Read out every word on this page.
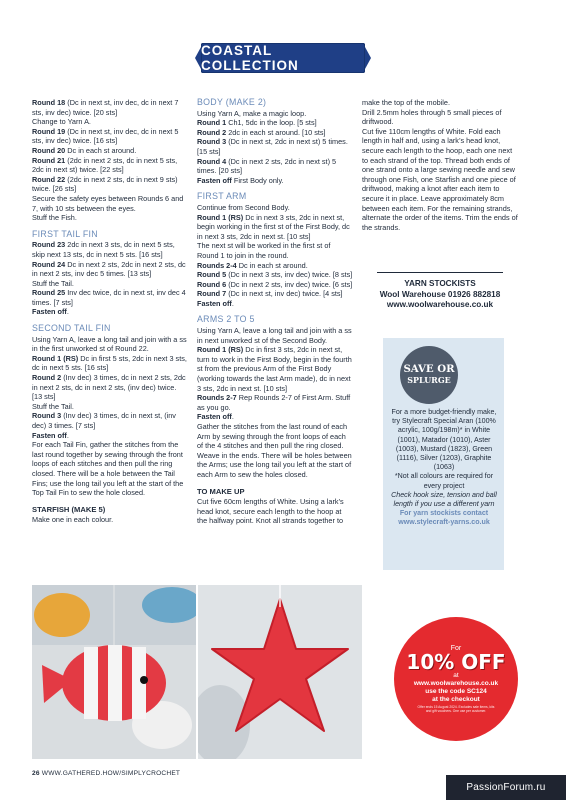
COASTAL COLLECTION

Round 18 (Dc in next st, inv dec, dc in next 7 sts, inv dec) twice. [20 sts]

Change to Yarn A.

Round 19 (Dc in next st, inv dec, dc in next 5 sts, inv dec) twice. [16 sts]

Round 20 Dc in each st around.

Round 21 (2dc in next 2 sts, dc in next 5 sts, 2dc in next st) twice. [22 sts]

Round 22 (2dc in next 2 sts, dc in next 9 sts) twice. [26 sts]

Secure the safety eyes between Rounds 6 and 7, with 10 sts between the eyes.

Stuff the Fish.

FIRST TAIL FIN

Round 23 2dc in next 3 sts, dc in next 5 sts, skip next 13 sts, dc in next 5 sts. [16 sts]

Round 24 Dc in next 2 sts, 2dc in next 2 sts, dc in next 2 sts, inv dec 5 times. [13 sts]

Stuff the Tail.

Round 25 Inv dec twice, dc in next st, inv dec 4 times. [7 sts]

Fasten off.

SECOND TAIL FIN

Using Yarn A, leave a long tail and join with a ss in the first unworked st of Round 22.

Round 1 (RS) Dc in first 5 sts, 2dc in next 3 sts, dc in next 5 sts. [16 sts]

Round 2 (Inv dec) 3 times, dc in next 2 sts, 2dc in next 2 sts, dc in next 2 sts, (inv dec) twice. [13 sts]

Stuff the Tail.

Round 3 (Inv dec) 3 times, dc in next st, (inv dec) 3 times. [7 sts]

Fasten off.

For each Tail Fin, gather the stitches from the last round together by sewing through the front loops of each stitches and then pull the ring closed. There will be a hole between the Tail Fins; use the long tail you left at the start of the Top Tail Fin to sew the hole closed.

STARFISH (MAKE 5)

Make one in each colour.

BODY (MAKE 2)

Using Yarn A, make a magic loop.

Round 1 Ch1, 5dc in the loop. [5 sts]

Round 2 2dc in each st around. [10 sts]

Round 3 (Dc in next st, 2dc in next st) 5 times. [15 sts]

Round 4 (Dc in next 2 sts, 2dc in next st) 5 times. [20 sts]

Fasten off First Body only.

FIRST ARM

Continue from Second Body.

Round 1 (RS) Dc in next 3 sts, 2dc in next st, begin working in the first st of the First Body, dc in next 3 sts, 2dc in next st. [10 sts]

The next st will be worked in the first st of Round 1 to join in the round.

Rounds 2-4 Dc in each st around.

Round 5 (Dc in next 3 sts, inv dec) twice. [8 sts]

Round 6 (Dc in next 2 sts, inv dec) twice. [6 sts]

Round 7 (Dc in next st, inv dec) twice. [4 sts]

Fasten off.

ARMS 2 TO 5

Using Yarn A, leave a long tail and join with a ss in next unworked st of the Second Body.

Round 1 (RS) Dc in first 3 sts, 2dc in next st, turn to work in the First Body, begin in the fourth st from the previous Arm of the First Body (working towards the last Arm made), dc in next 3 sts, 2dc in next st. [10 sts]

Rounds 2-7 Rep Rounds 2-7 of First Arm. Stuff as you go.

Fasten off.

Gather the stitches from the last round of each Arm by sewing through the front loops of each of the 4 stitches and then pull the ring closed. Weave in the ends. There will be holes between the Arms; use the long tail you left at the start of each Arm to sew the holes closed.

TO MAKE UP

Cut five 60cm lengths of White. Using a lark’s head knot, secure each length to the hoop at the halfway point. Knot all strands together to

make the top of the mobile.

Drill 2.5mm holes through 5 small pieces of driftwood.

Cut five 110cm lengths of White. Fold each length in half and, using a lark’s head knot, secure each length to the hoop, each one next to each strand of the top. Thread both ends of one strand onto a large sewing needle and sew through one Fish, one Starfish and one piece of driftwood, making a knot after each item to secure it in place. Leave approximately 8cm between each item. For the remaining strands, alternate the order of the items. Trim the ends of the strands.

YARN STOCKISTS
Wool Warehouse 01926 882818
www.woolwarehouse.co.uk
SAVE OR
SPLURGE
For a more budget-friendly make, try Stylecraft Special Aran (100% acrylic, 100g/198m)* in White (1001), Matador (1010), Aster (1003), Mustard (1823), Green (1116), Silver (1203), Graphite (1063)
*Not all colours are required for every project
Check hook size, tension and ball length if you use a different yarn
For yarn stockists contact
www.stylecraft-yarns.co.uk
For
10% OFF
at
www.woolwarehouse.co.uk
use the code SC124
at the checkout
Offer ends 15 August 2024. Excludes sale items, kits and gift vouchers. One use per customer.
26 WWW.GATHERED.HOW/SIMPLYCROCHET
PassionForum.ru
